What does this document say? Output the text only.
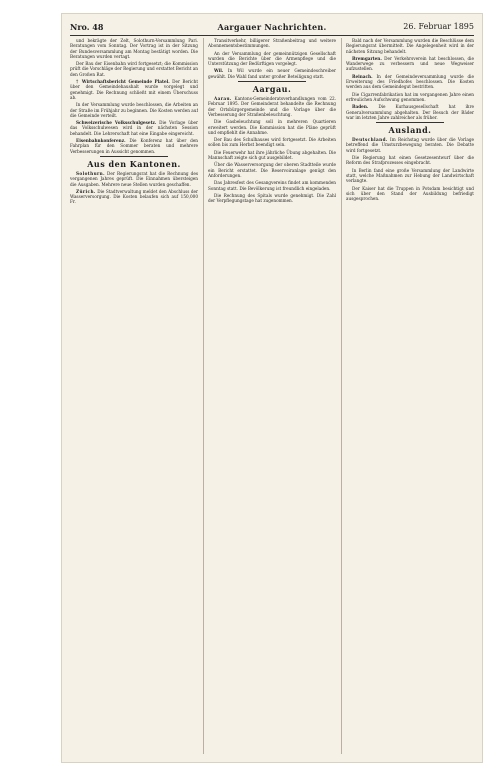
Nro. 48	Aargauer Nachrichten.	26. Februar 1895

und bekrägte der Zelt, Solothurn-Versammlung Pari. Beratungen vom Sonntag. Der Vortrag ist in der Sitzung der Bundesversammlung am Montag bestätigt worden. Die Beratungen wurden vertagt.

Der Bau der Eisenbahn wird fortgesetzt; die Kommission prüft die Vorschläge der Regierung und erstattet Bericht an den Großen Rat.

† Wirtschaftsbericht Gemeinde Platel. Der Bericht über den Gemeindehaushalt wurde vorgelegt und genehmigt. Die Rechnung schließt mit einem Überschuss ab.

In der Versammlung wurde beschlossen, die Arbeiten an der Straße im Frühjahr zu beginnen. Die Kosten werden auf die Gemeinde verteilt.

Schweizerische Volksschulgesetz. Die Vorlage über das Volksschulwesen wird in der nächsten Session behandelt. Die Lehrerschaft hat eine Eingabe eingereicht.

Eisenbahnkonferenz. Die Konferenz hat über den Fahrplan für den Sommer beraten und mehrere Verbesserungen in Aussicht genommen.

Aus den Kantonen.

Solothurn. Der Regierungsrat hat die Rechnung des vergangenen Jahres geprüft. Die Einnahmen übersteigen die Ausgaben. Mehrere neue Stellen wurden geschaffen.

Zürich. Die Stadtverwaltung meldet den Abschluss der Wasserversorgung. Die Kosten belaufen sich auf 150,000 Fr.

Transitverkehr, billigerer Straßenbeitrag und weitere Abonnementsbestimmungen.

An der Versammlung der gemeinnützigen Gesellschaft wurden die Berichte über die Armenpflege und die Unterstützung der Bedürftigen vorgelegt.

Wil. In Wil wurde ein neuer Gemeindeschreiber gewählt. Die Wahl fand unter großer Beteiligung statt.

Aargau.

Aarau. Kantons-Gemeinderatsverhandlungen vom 22. Februar 1895. Der Gemeinderat behandelte die Rechnung der Ortsbürgergemeinde und die Vorlage über die Verbesserung der Straßenbeleuchtung.

Die Gasbeleuchtung soll in mehreren Quartieren erweitert werden. Die Kommission hat die Pläne geprüft und empfiehlt die Annahme.

Der Bau des Schulhauses wird fortgesetzt. Die Arbeiten sollen bis zum Herbst beendigt sein.

Die Feuerwehr hat ihre jährliche Übung abgehalten. Die Mannschaft zeigte sich gut ausgebildet.

Über die Wasserversorgung der oberen Stadtteile wurde ein Bericht erstattet. Die Reservoiranlage genügt den Anforderungen.

Das Jahresfest des Gesangvereins findet am kommenden Sonntag statt. Die Bevölkerung ist freundlich eingeladen.

Die Rechnung des Spitals wurde genehmigt. Die Zahl der Verpflegungstage hat zugenommen.

Bald nach der Versammlung wurden die Beschlüsse dem Regierungsrat übermittelt. Die Angelegenheit wird in der nächsten Sitzung behandelt.

Bremgarten. Der Verkehrsverein hat beschlossen, die Wanderwege zu verbessern und neue Wegweiser aufzustellen.

Reinach. In der Gemeindeversammlung wurde die Erweiterung des Friedhofes beschlossen. Die Kosten werden aus dem Gemeindegut bestritten.

Die Cigarrenfabrikation hat im vergangenen Jahre einen erfreulichen Aufschwung genommen.

Baden. Die Kurhausgesellschaft hat ihre Generalversammlung abgehalten. Der Besuch der Bäder war im letzten Jahre zahlreicher als früher.

Ausland.

Deutschland. Im Reichstag wurde über die Vorlage betreffend die Umsturzbewegung beraten. Die Debatte wird fortgesetzt.

Die Regierung hat einen Gesetzesentwurf über die Reform des Strafprozesses eingebracht.

In Berlin fand eine große Versammlung der Landwirte statt, welche Maßnahmen zur Hebung der Landwirtschaft verlangte.

Der Kaiser hat die Truppen in Potsdam besichtigt und sich über den Stand der Ausbildung befriedigt ausgesprochen.
